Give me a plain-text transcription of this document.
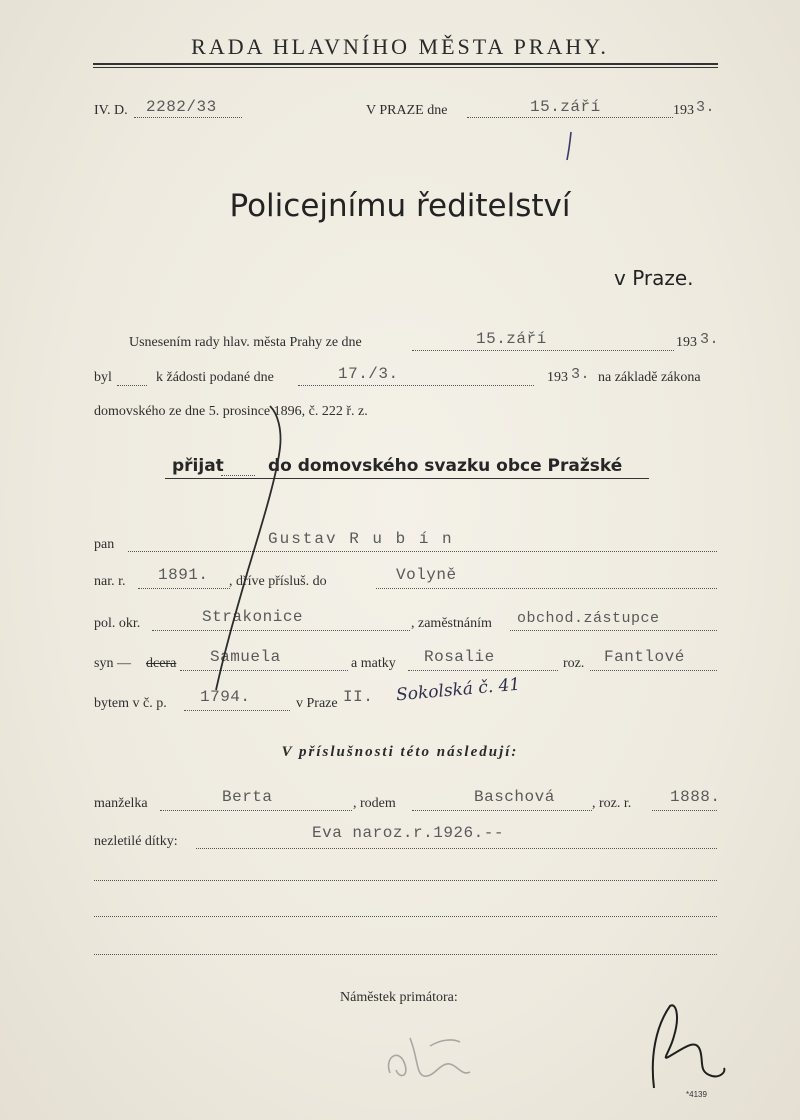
RADA HLAVNÍHO MĚSTA PRAHY.
IV. D. 2282/33	V PRAZE dne	15.září	193 3.
Policejnímu ředitelství
v Praze.
Usnesením rady hlav. města Prahy ze dne	15.září	193 3.
byl	k žádosti podané dne	17./3.	193 3. na základě zákona
domovského ze dne 5. prosince 1896, č. 222 ř. z.
přijat	do domovského svazku obce Pražské
pan	Gustav R u b í n
nar. r. 1891. , dříve přísluš. do	Volyně
pol. okr.	Strakonice	, zaměstnáním obchod.zástupce
syn — dcera Samuela	a matky Rosalie	roz. Fantlové
bytem v č. p. 1794.	v Praze II. Sokolská č. 41
V příslušnosti této následují:
manželka	Berta	, rodem	Baschová	, roz. r. 1888.
nezletilé dítky:	Eva naroz.r.1926.--
Náměstek primátora:
*4139
